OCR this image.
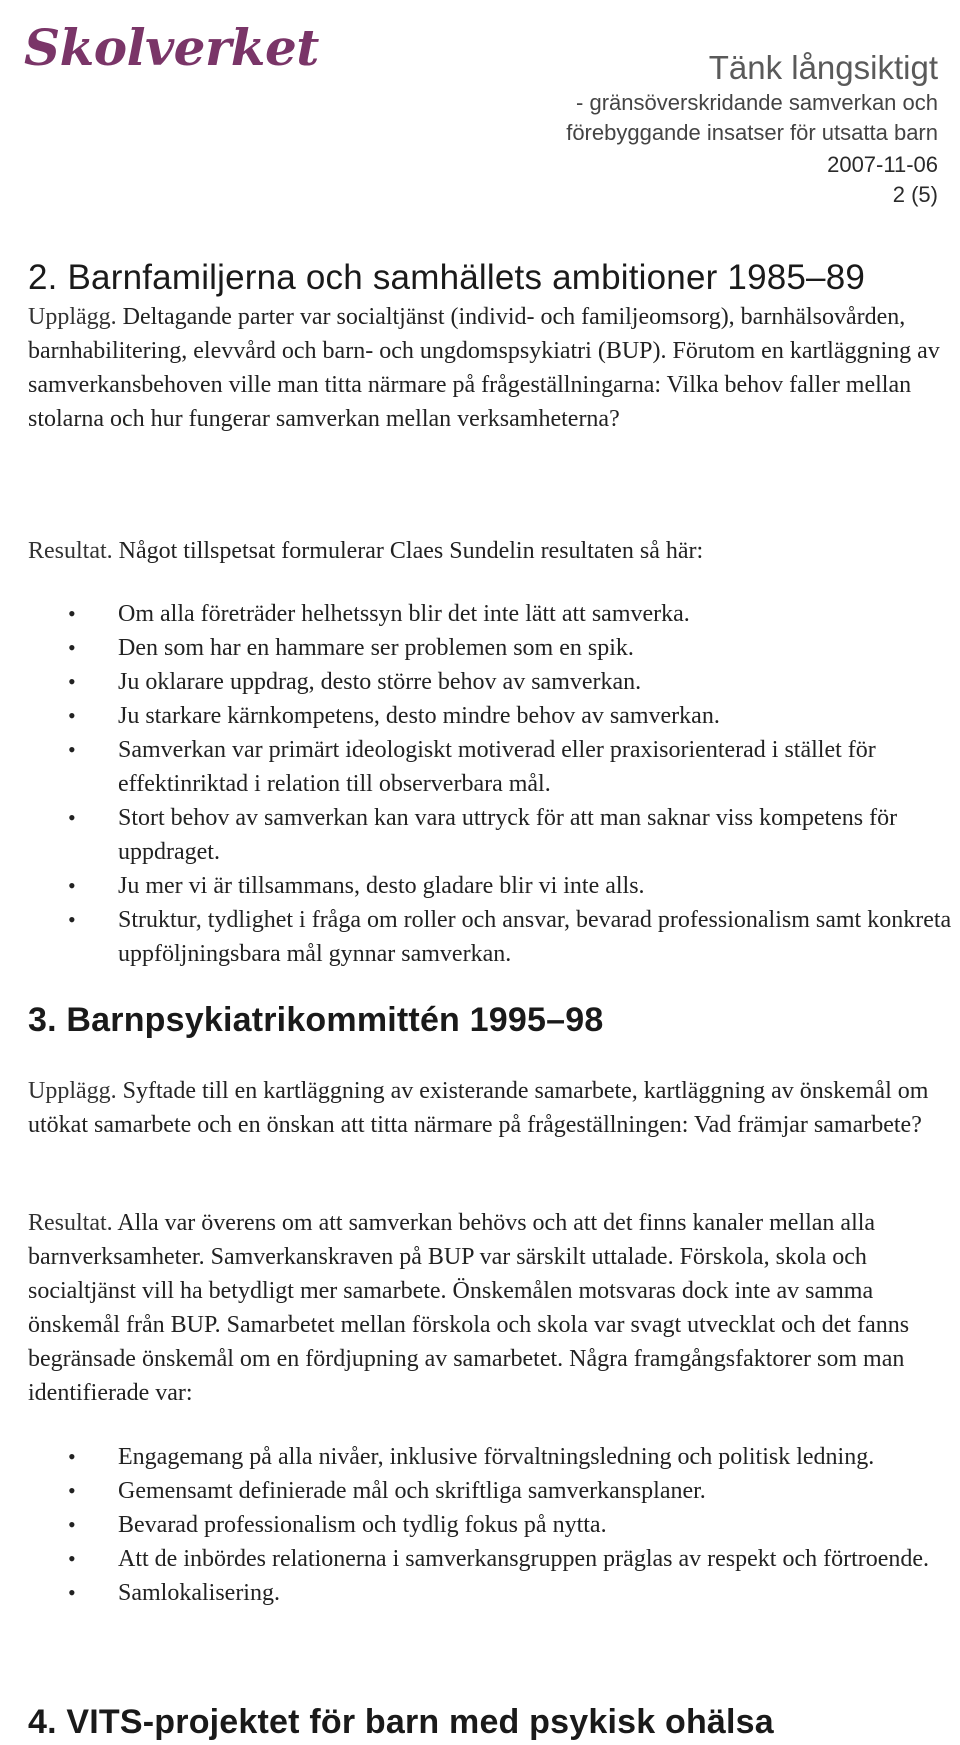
Skolverket	Tänk långsiktigt
- gränsöverskridande samverkan och
förebyggande insatser för utsatta barn
2007-11-06
2 (5)
2. Barnfamiljerna och samhällets ambitioner 1985–89

Upplägg. Deltagande parter var socialtjänst (individ- och familjeomsorg), barnhälsovården, barnhabilitering, elevvård och barn- och ungdomspsykiatri (BUP). Förutom en kartläggning av samverkansbehoven ville man titta närmare på frågeställningarna: Vilka behov faller mellan stolarna och hur fungerar samverkan mellan verksamheterna?

Resultat. Något tillspetsat formulerar Claes Sundelin resultaten så här:

• Om alla företräder helhetssyn blir det inte lätt att samverka.
• Den som har en hammare ser problemen som en spik.
• Ju oklarare uppdrag, desto större behov av samverkan.
• Ju starkare kärnkompetens, desto mindre behov av samverkan.
• Samverkan var primärt ideologiskt motiverad eller praxisorienterad i stället för effektinriktad i relation till observerbara mål.
• Stort behov av samverkan kan vara uttryck för att man saknar viss kompetens för uppdraget.
• Ju mer vi är tillsammans, desto gladare blir vi inte alls.
• Struktur, tydlighet i fråga om roller och ansvar, bevarad professionalism samt konkreta uppföljningsbara mål gynnar samverkan.
3. Barnpsykiatrikommittén 1995–98

Upplägg. Syftade till en kartläggning av existerande samarbete, kartläggning av önskemål om utökat samarbete och en önskan att titta närmare på frågeställningen: Vad främjar samarbete?

Resultat. Alla var överens om att samverkan behövs och att det finns kanaler mellan alla barnverksamheter. Samverkanskraven på BUP var särskilt uttalade. Förskola, skola och socialtjänst vill ha betydligt mer samarbete. Önskemålen motsvaras dock inte av samma önskemål från BUP. Samarbetet mellan förskola och skola var svagt utvecklat och det fanns begränsade önskemål om en fördjupning av samarbetet. Några framgångsfaktorer som man identifierade var:

• Engagemang på alla nivåer, inklusive förvaltningsledning och politisk ledning.
• Gemensamt definierade mål och skriftliga samverkansplaner.
• Bevarad professionalism och tydlig fokus på nytta.
• Att de inbördes relationerna i samverkansgruppen präglas av respekt och förtroende.
• Samlokalisering.
4. VITS-projektet för barn med psykisk ohälsa
